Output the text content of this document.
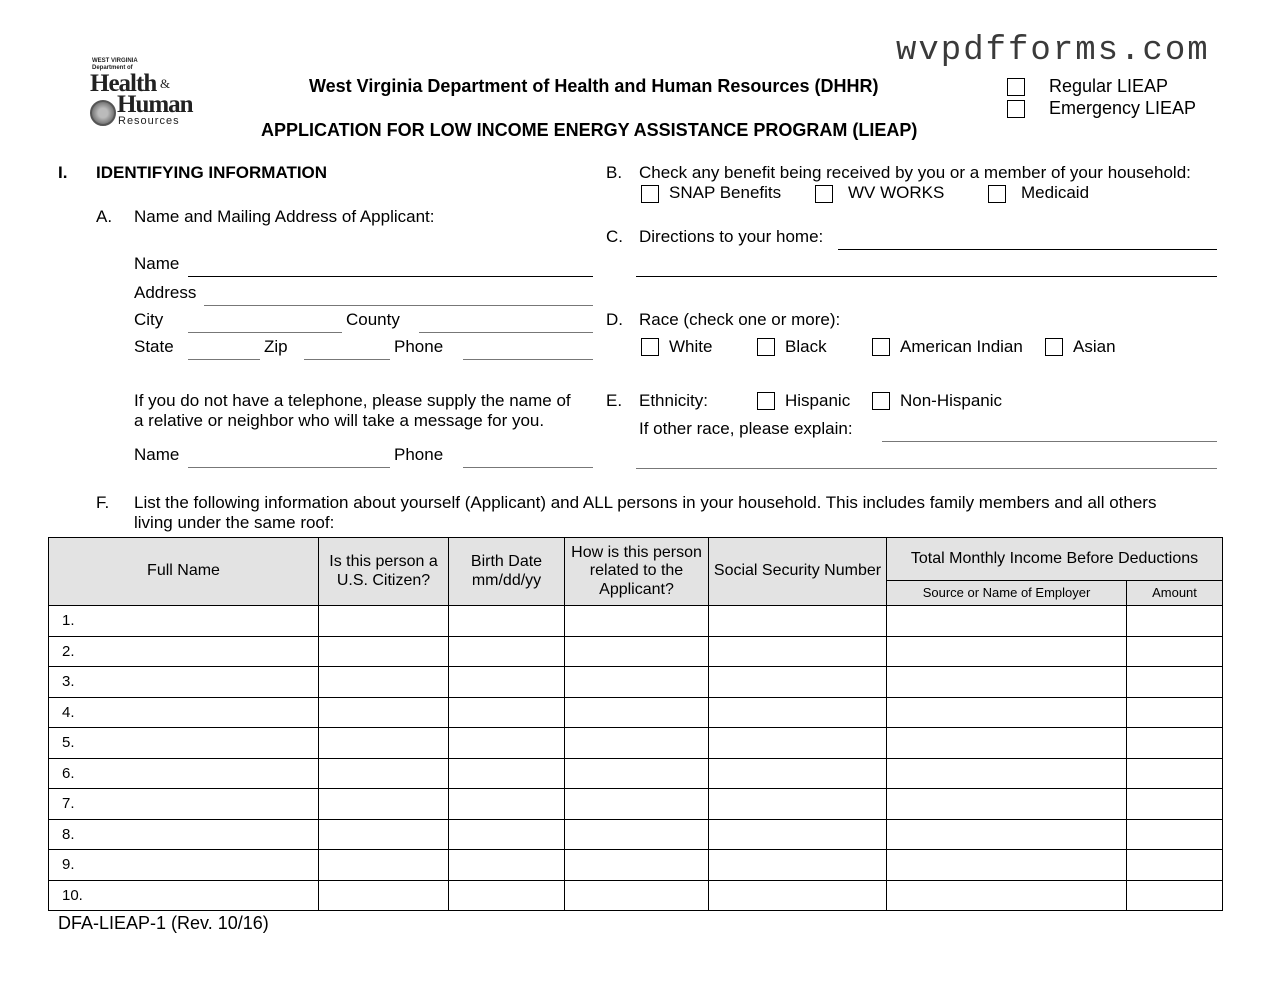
wvpdfforms.com
WEST VIRGINIA
Department of
Health &
Human
Resources
West Virginia Department of Health and Human Resources (DHHR)
APPLICATION FOR LOW INCOME ENERGY ASSISTANCE PROGRAM (LIEAP)
Regular LIEAP
Emergency LIEAP
I. IDENTIFYING INFORMATION
A. Name and Mailing Address of Applicant:
Name
Address
City	County
State	Zip	Phone
If you do not have a telephone, please supply the name of
a relative or neighbor who will take a message for you.
Name	Phone
B. Check any benefit being received by you or a member of your household:
SNAP Benefits	WV WORKS	Medicaid
C. Directions to your home:
D. Race (check one or more):
White	Black	American Indian	Asian
E. Ethnicity:	Hispanic	Non-Hispanic
If other race, please explain:
F. List the following information about yourself (Applicant) and ALL persons in your household. This includes family members and all others
living under the same roof:
Full Name	Is this person a U.S. Citizen?	Birth Date mm/dd/yy	How is this person related to the Applicant?	Social Security Number	Total Monthly Income Before Deductions	
					Source or Name of Employer	Amount
1.						
2.						
3.						
4.						
5.						
6.						
7.						
8.						
9.						
10.						
DFA-LIEAP-1 (Rev. 10/16)
